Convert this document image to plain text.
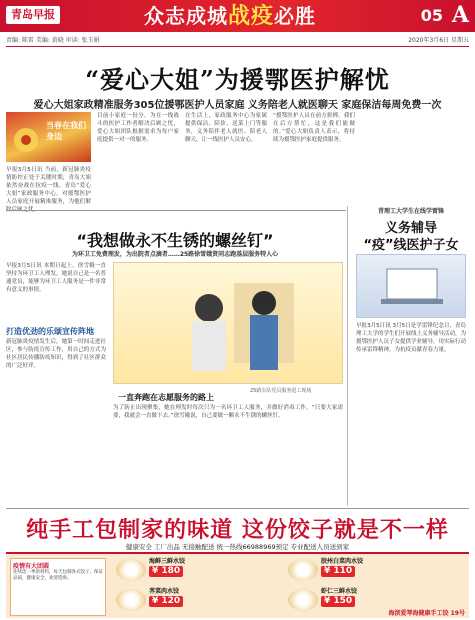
青岛早报	众志成城战疫必胜	05 A
责编: 陈雷 美编: 黄晓 审读: 张玉娟	2020年3月6日 星期五
“爱心大姐”为援鄂医护解忧
爱心大姐家政精准服务305位援鄂医护人员家庭 义务陪老人就医聊天 家庭保洁每周免费一次
当春在我们身边
早报3月5日讯 当前，新冠肺炎疫情防控正处于关键时期，青岛大姐依然奋战在抗疫一线。青岛“爱心大姐”家政服务中心，对援鄂医护人员家庭开展精准服务，为他们解
目前小家庭一份分，为在一线战斗的医护工作者解决后顾之忧，爱心大姐团队根据需求为每户家庭提供一对一的服务。
在生活上，家政服务中心为家属提供保洁、陪诊、送菜上门等服务，义务陪伴老人就医、陪老人聊天，让一线医护人员安心。
“援鄂医护人员在前方拼搏，我们在后方帮忙，这是我们能做的。”爱心大姐负责人表示，将持续为援鄂医护家庭提供服务。
“我想做永不生锈的螺丝钉”
为环卫工免费理发，为出院者点滴者……25路徐雪娥贤同志跑基层服务特人心
早报3月5日讯 本期日起上，徐雪娥一直坚持为环卫工人理发，她说自己是一名普通党员，能够为环卫工人服务是一件非常有意义的事情。
打造优劲的乐颂宣传阵地
新冠肺炎疫情发生后，她第一时间走进社区，参与防疫宣传工作，用自己的方式为社区居民传播防疫知识，得到了社区群众的广泛好评。
25路车队党员服务进工现场
一直奔跑在志愿服务的路上
为了防止出现聚集，她在理发时每次只为一名环卫工人服务，并做好消毒工作。“只要大家需要，我就会一直做下去。”徐雪娥说，自己要做一颗永不生锈的螺丝钉。
青理工大学生在线学雷锋
义务辅导
“疫”线医护子女
早报3月5日讯 3月5日是学雷锋纪念日，青岛理工大学的学生们开展线上义务辅导活动，为援鄂医护人员子女提供学业辅导，用实际行动传承雷锋精神，为抗疫贡献青春力量。
纯手工包制家的味道 这份饺子就是不一样
健康安全 工厂出品 无接触配送 统一热线66988969预定 专业配送人员送到家
疫情有大团圆
连续选一季原材料，每天包制各式饺子，保证品质，健康安全，欢迎选购。
海鲜三鲜水饺
¥ 180
胶州白菜肉水饺
¥ 110
荠菜肉水饺
¥ 120
虾仁三鲜水饺
¥ 150
海滨爱琴海健康手工饺 19号
